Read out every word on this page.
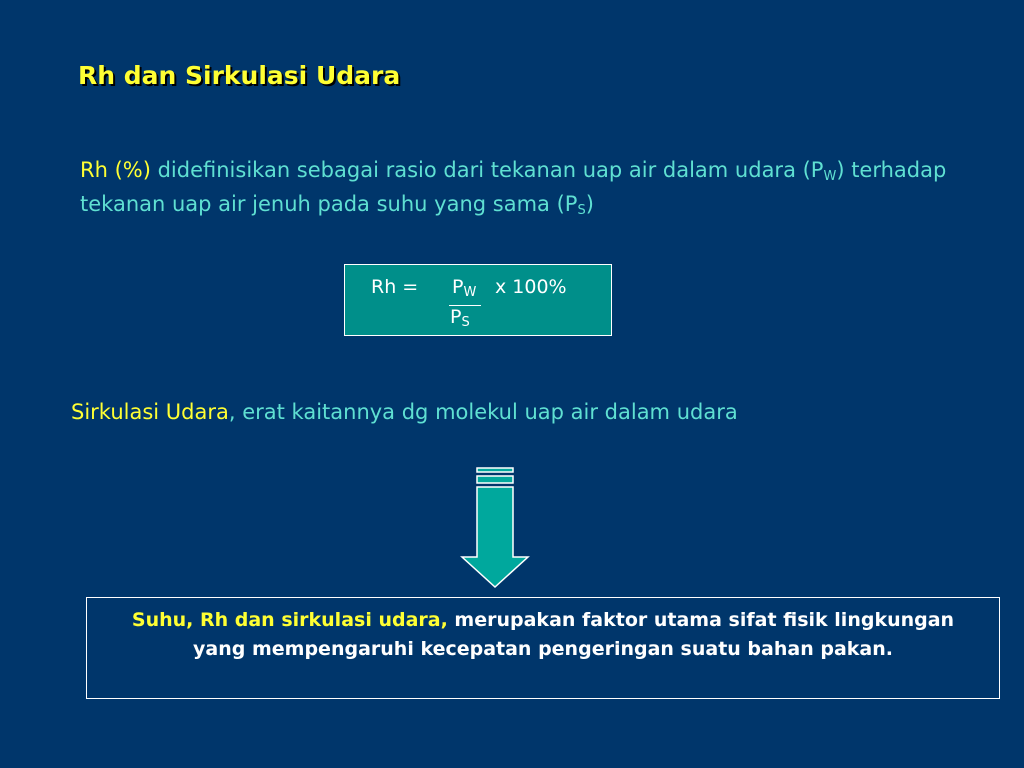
Rh dan Sirkulasi Udara

Rh (%) didefinisikan sebagai rasio dari tekanan uap air dalam udara $(P_W)$ terhadap tekanan uap air jenuh pada suhu yang sama $(P_S)$

$Rh = P_W$ x 100%
$P_S$

Sirkulasi Udara, erat kaitannya dg molekul uap air dalam udara

Suhu, Rh dan sirkulasi udara, merupakan faktor utama sifat fisik lingkungan yang mempengaruhi kecepatan pengeringan suatu bahan pakan.
